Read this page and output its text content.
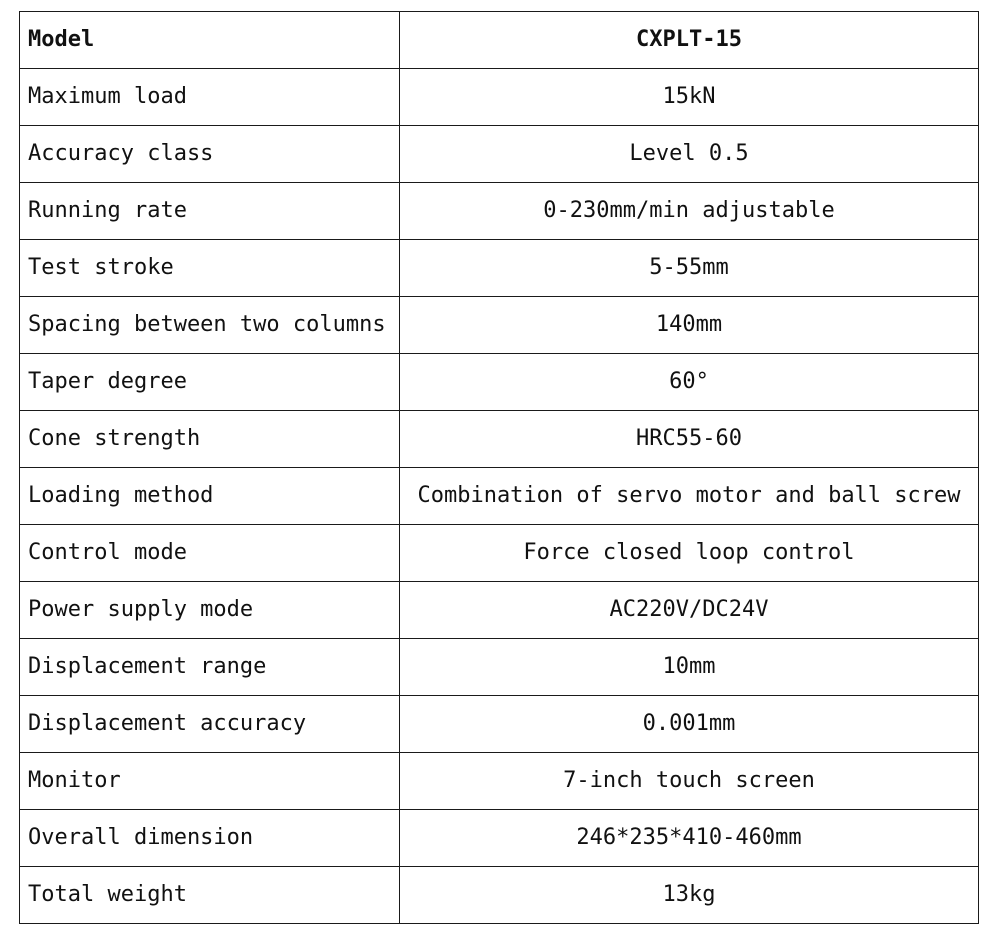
Model	CXPLT-15
Maximum load	15kN
Accuracy class	Level 0.5
Running rate	0-230mm/min adjustable
Test stroke	5-55mm
Spacing between two columns	140mm
Taper degree	60°
Cone strength	HRC55-60
Loading method	Combination of servo motor and ball screw
Control mode	Force closed loop control
Power supply mode	AC220V/DC24V
Displacement range	10mm
Displacement accuracy	0.001mm
Monitor	7-inch touch screen
Overall dimension	246*235*410-460mm
Total weight	13kg
